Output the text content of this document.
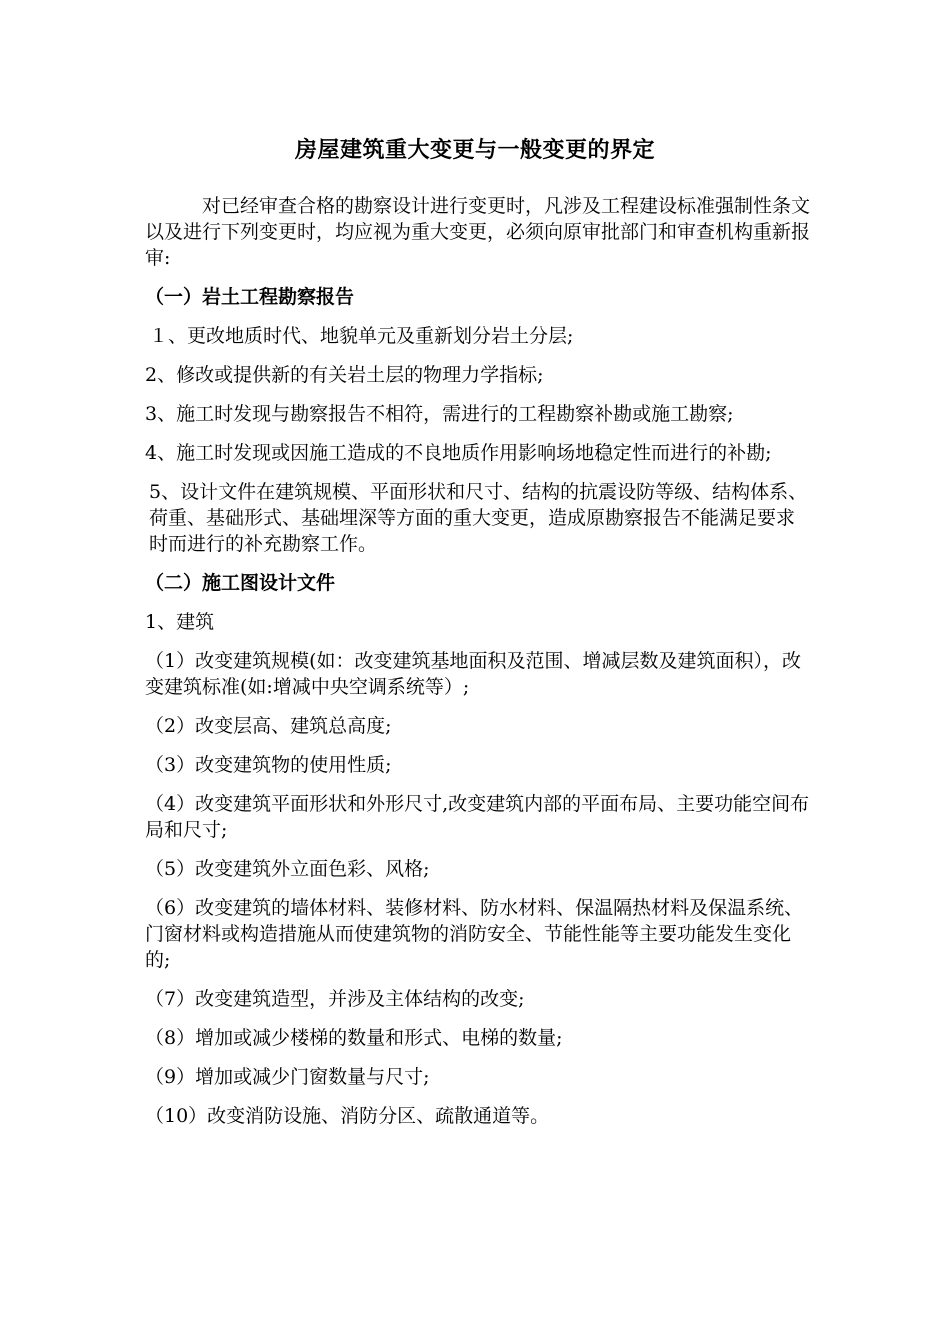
房屋建筑重大变更与一般变更的界定

对已经审查合格的勘察设计进行变更时，凡涉及工程建设标准强制性条文以及进行下列变更时，均应视为重大变更，必须向原审批部门和审查机构重新报审:

（一）岩土工程勘察报告

１、更改地质时代、地貌单元及重新划分岩土分层;

2、修改或提供新的有关岩土层的物理力学指标;

3、施工时发现与勘察报告不相符，需进行的工程勘察补勘或施工勘察;

4、施工时发现或因施工造成的不良地质作用影响场地稳定性而进行的补勘;

5、设计文件在建筑规模、平面形状和尺寸、结构的抗震设防等级、结构体系、荷重、基础形式、基础埋深等方面的重大变更，造成原勘察报告不能满足要求时而进行的补充勘察工作。

（二）施工图设计文件

1、建筑

（1）改变建筑规模(如：改变建筑基地面积及范围、增减层数及建筑面积），改变建筑标准(如:增减中央空调系统等）;

（2）改变层高、建筑总高度;

（3）改变建筑物的使用性质;

（4）改变建筑平面形状和外形尺寸,改变建筑内部的平面布局、主要功能空间布局和尺寸;

（5）改变建筑外立面色彩、风格;

（6）改变建筑的墙体材料、装修材料、防水材料、保温隔热材料及保温系统、门窗材料或构造措施从而使建筑物的消防安全、节能性能等主要功能发生变化的;

（7）改变建筑造型，并涉及主体结构的改变;

（8）增加或减少楼梯的数量和形式、电梯的数量;

（9）增加或减少门窗数量与尺寸;

（10）改变消防设施、消防分区、疏散通道等。
